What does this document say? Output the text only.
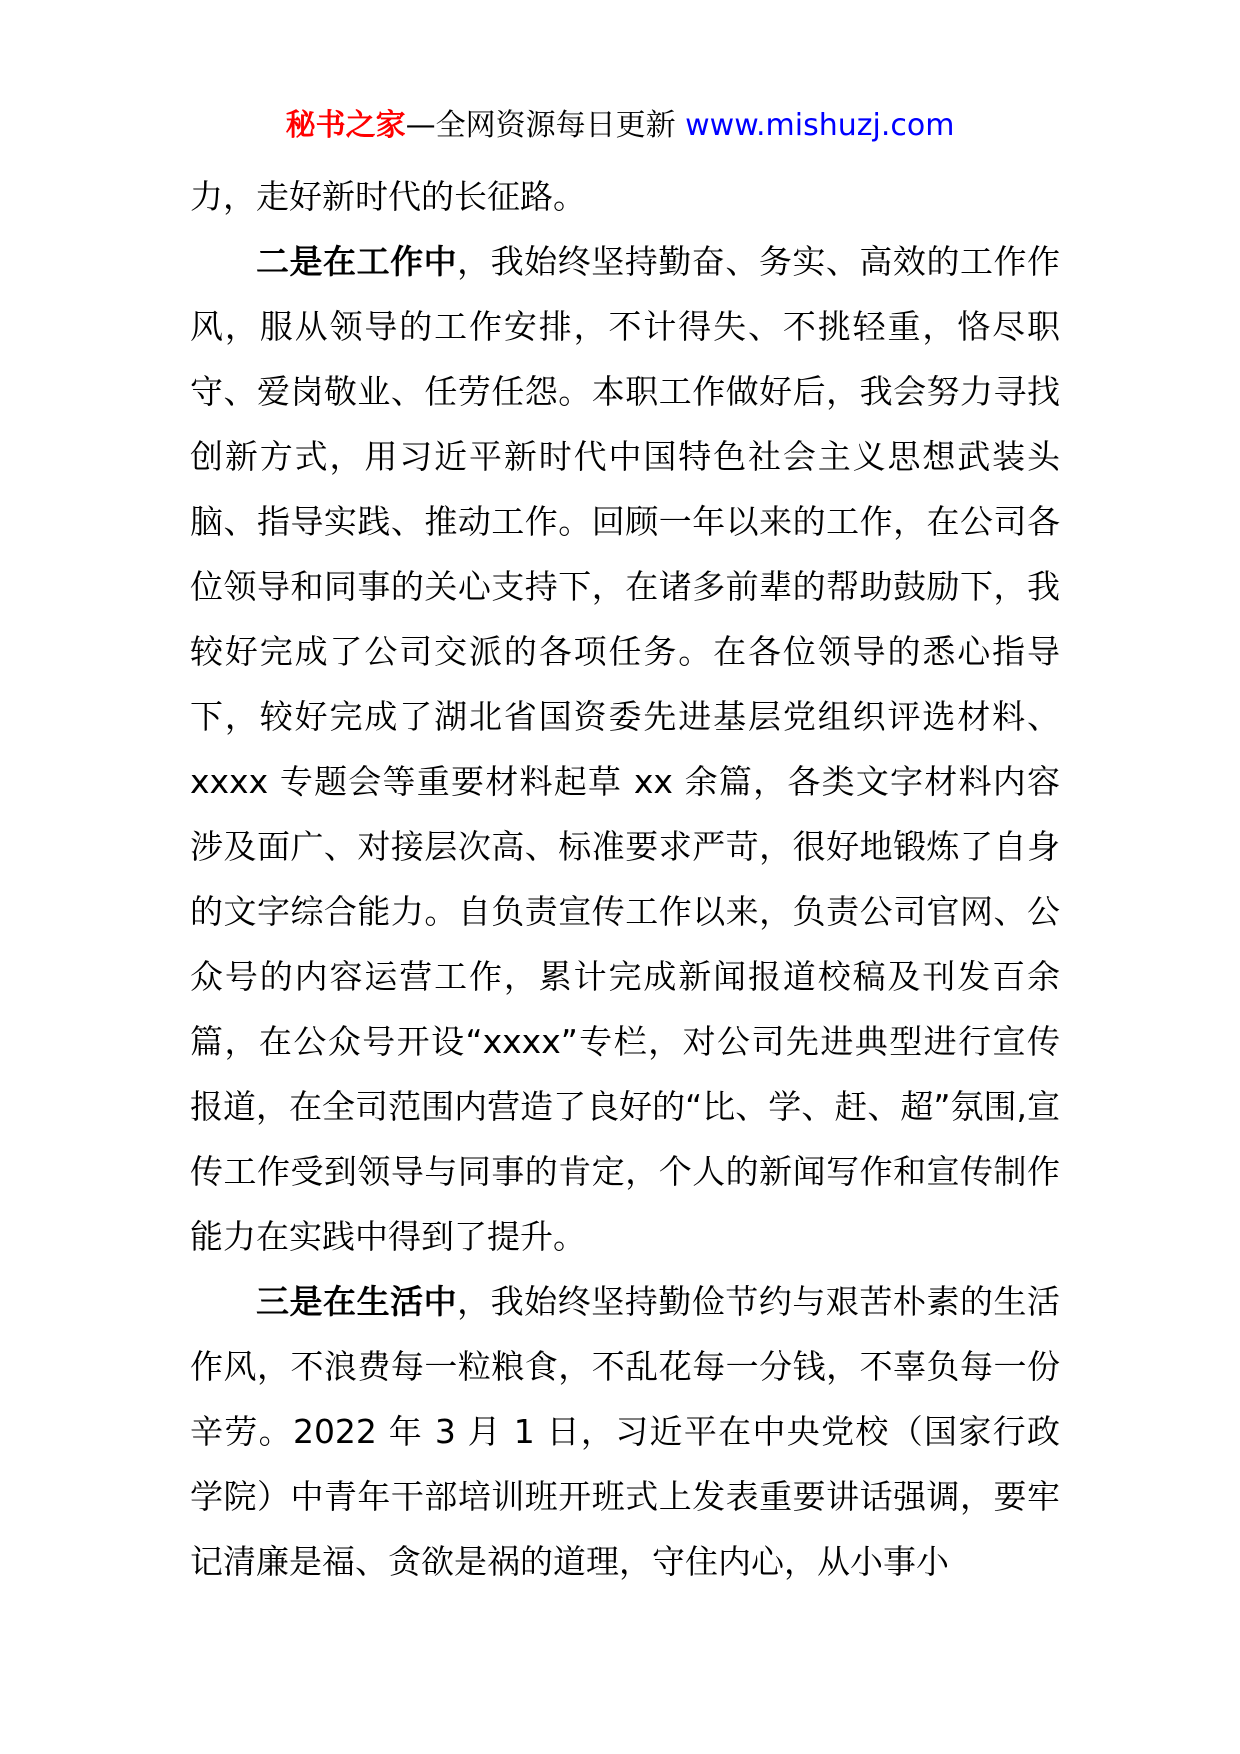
秘书之家—全网资源每日更新 www.mishuzj.com

力，走好新时代的长征路。

二是在工作中，我始终坚持勤奋、务实、高效的工作作风，服从领导的工作安排，不计得失、不挑轻重，恪尽职守、爱岗敬业、任劳任怨。本职工作做好后，我会努力寻找创新方式，用习近平新时代中国特色社会主义思想武装头脑、指导实践、推动工作。回顾一年以来的工作，在公司各位领导和同事的关心支持下，在诸多前辈的帮助鼓励下，我较好完成了公司交派的各项任务。在各位领导的悉心指导下，较好完成了湖北省国资委先进基层党组织评选材料、xxxx 专题会等重要材料起草 xx 余篇，各类文字材料内容涉及面广、对接层次高、标准要求严苛，很好地锻炼了自身的文字综合能力。自负责宣传工作以来，负责公司官网、公众号的内容运营工作，累计完成新闻报道校稿及刊发百余篇，在公众号开设“xxxx”专栏，对公司先进典型进行宣传报道，在全司范围内营造了良好的“比、学、赶、超”氛围,宣传工作受到领导与同事的肯定，个人的新闻写作和宣传制作能力在实践中得到了提升。

三是在生活中，我始终坚持勤俭节约与艰苦朴素的生活作风，不浪费每一粒粮食，不乱花每一分钱，不辜负每一份辛劳。2022 年 3 月 1 日，习近平在中央党校（国家行政学院）中青年干部培训班开班式上发表重要讲话强调，要牢记清廉是福、贪欲是祸的道理，守住内心，从小事小
